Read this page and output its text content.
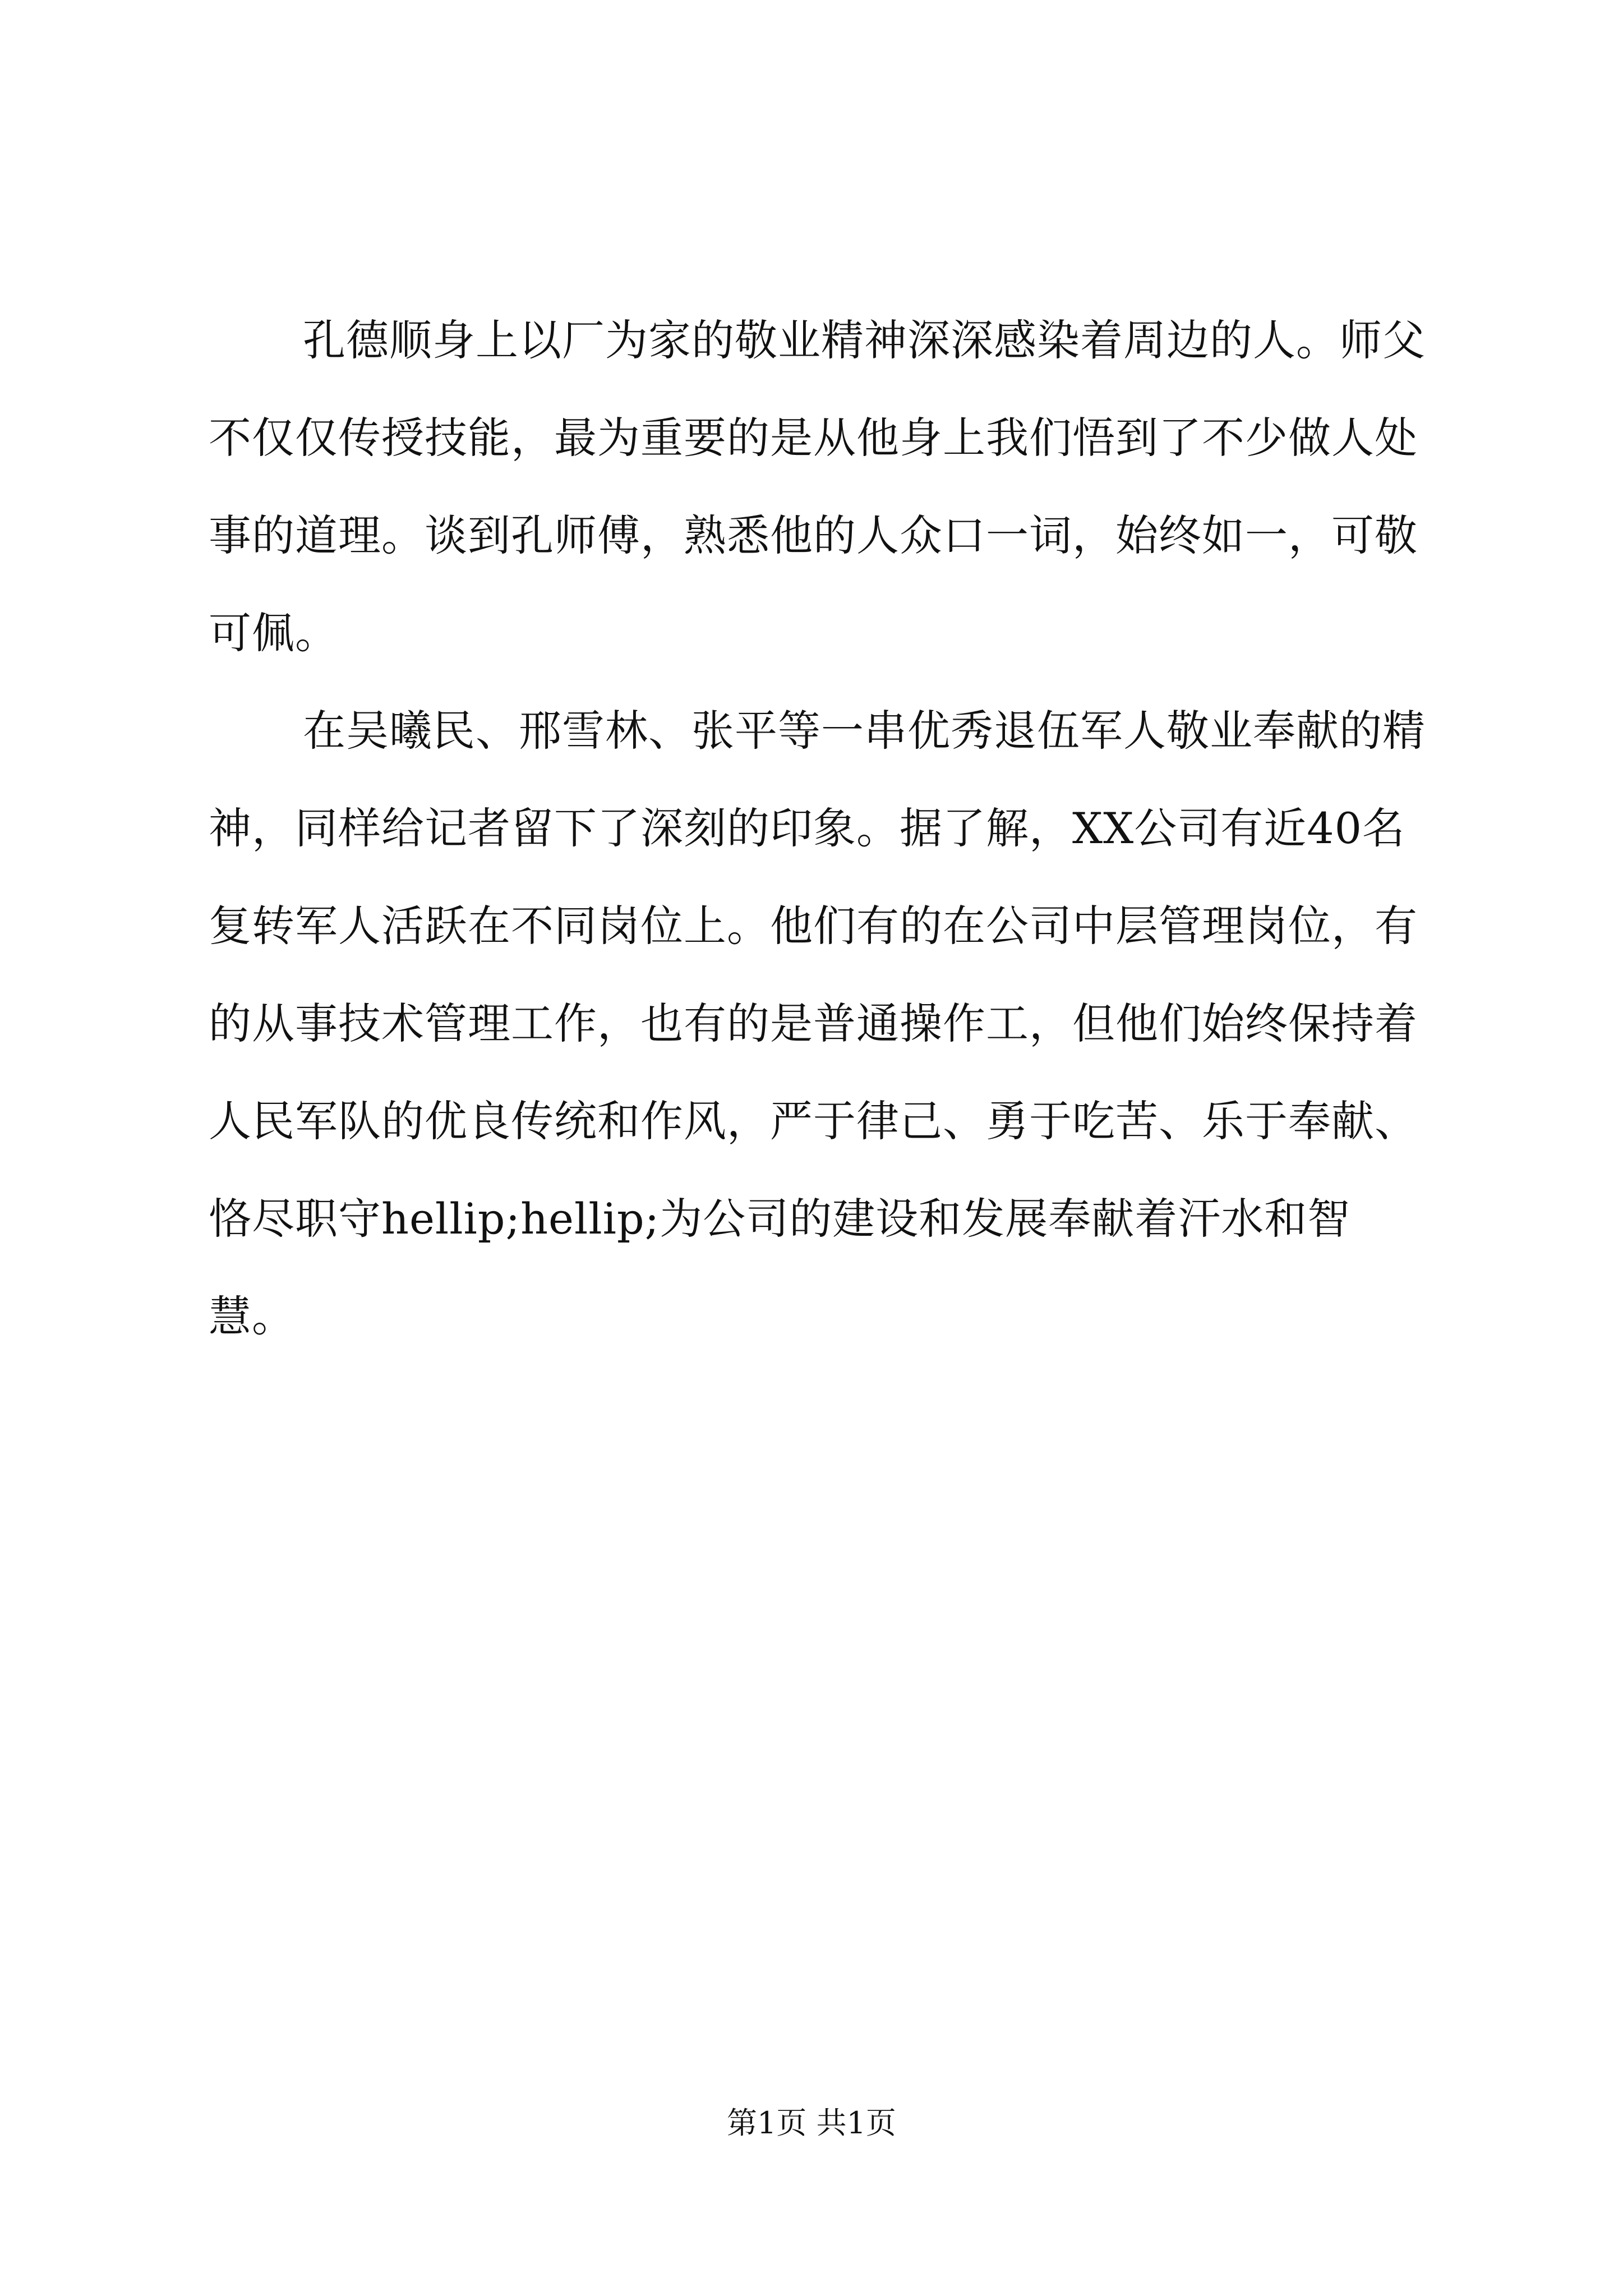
孔德顺身上以厂为家的敬业精神深深感染着周边的人。师父
不仅仅传授技能，最为重要的是从他身上我们悟到了不少做人处
事的道理。谈到孔师傅，熟悉他的人众口一词，始终如一，可敬
可佩。
在吴曦民、邢雪林、张平等一串优秀退伍军人敬业奉献的精
神，同样给记者留下了深刻的印象。据了解，XX公司有近40名
复转军人活跃在不同岗位上。他们有的在公司中层管理岗位，有
的从事技术管理工作，也有的是普通操作工，但他们始终保持着
人民军队的优良传统和作风，严于律己、勇于吃苦、乐于奉献、
恪尽职守hellip;hellip;为公司的建设和发展奉献着汗水和智
慧。
第1页 共1页
